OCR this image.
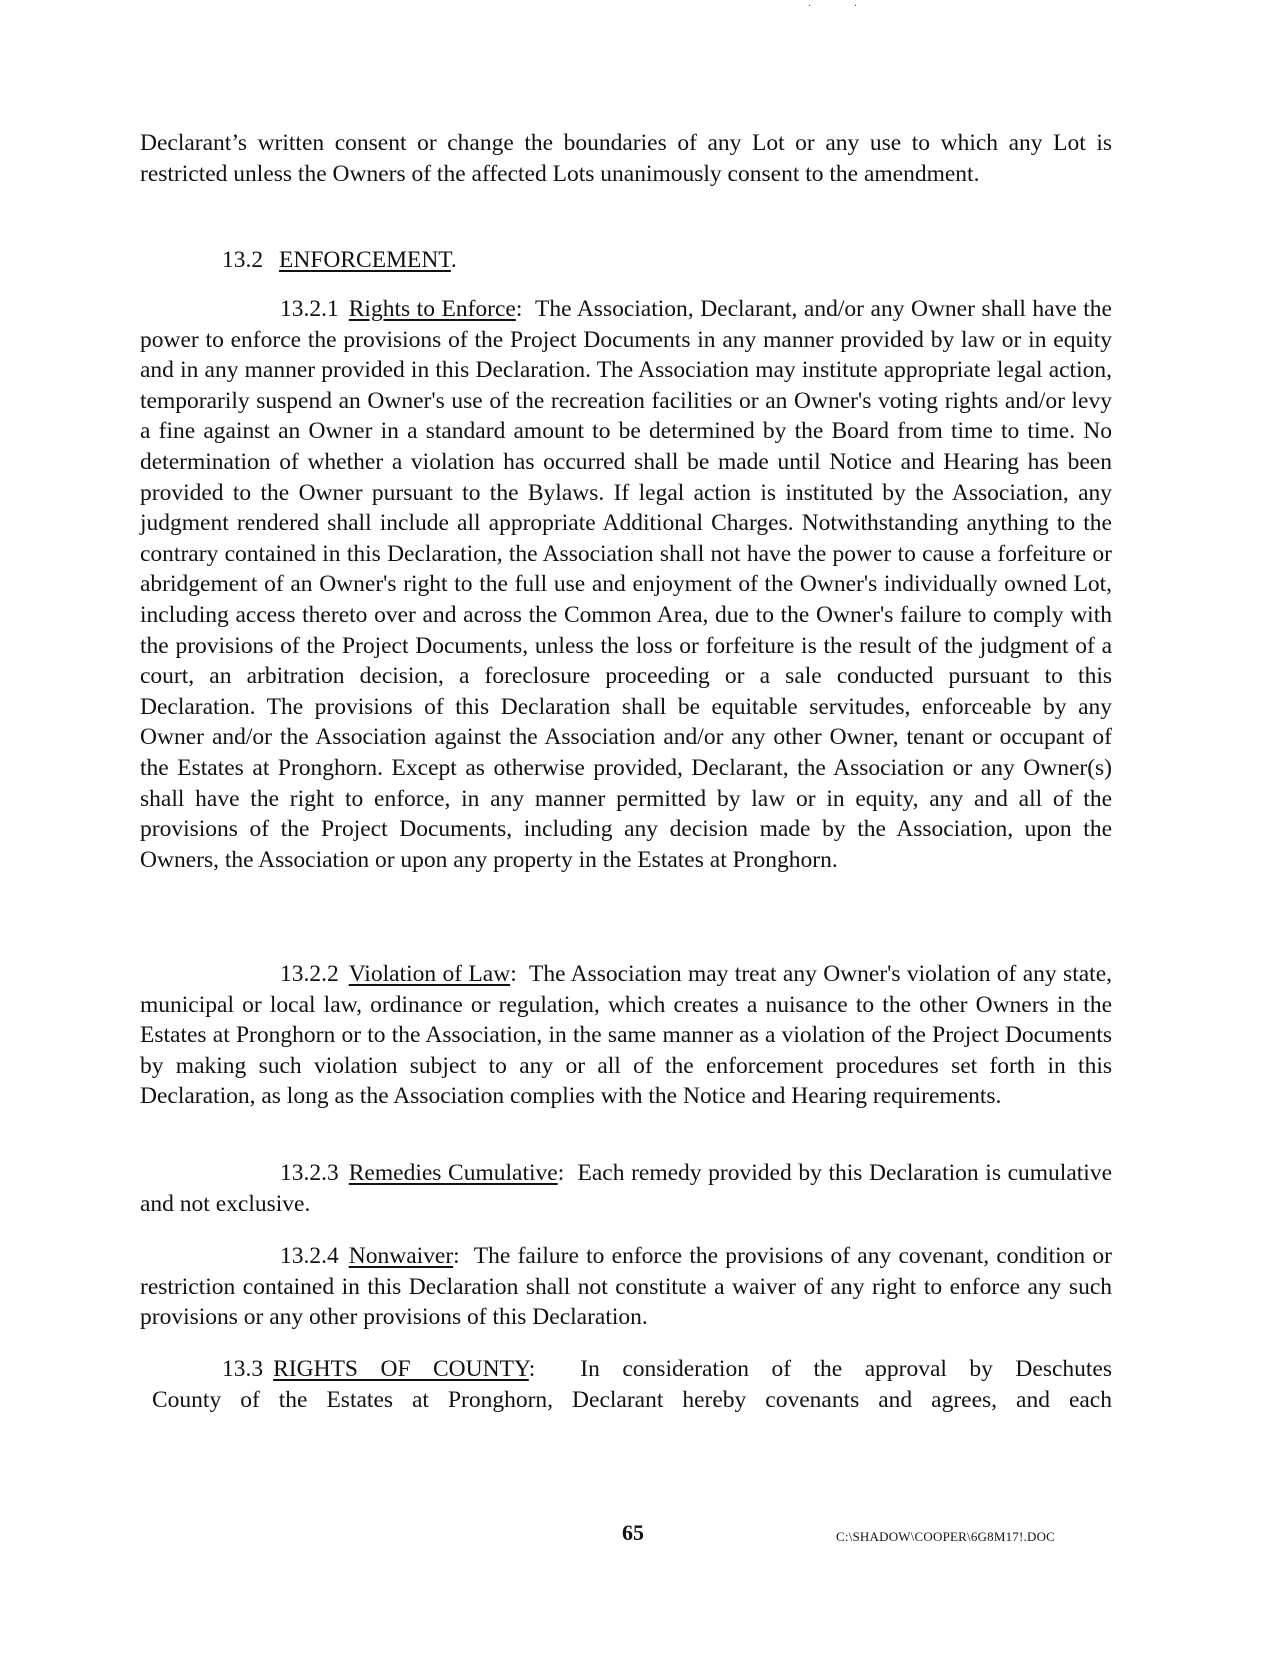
· ·

Declarant’s written consent or change the boundaries of any Lot or any use to which any Lot is restricted unless the Owners of the affected Lots unanimously consent to the amendment.

13.2 ENFORCEMENT.

13.2.1 Rights to Enforce: The Association, Declarant, and/or any Owner shall have the power to enforce the provisions of the Project Documents in any manner provided by law or in equity and in any manner provided in this Declaration. The Association may institute appropriate legal action, temporarily suspend an Owner's use of the recreation facilities or an Owner's voting rights and/or levy a fine against an Owner in a standard amount to be determined by the Board from time to time. No determination of whether a violation has occurred shall be made until Notice and Hearing has been provided to the Owner pursuant to the Bylaws. If legal action is instituted by the Association, any judgment rendered shall include all appropriate Additional Charges. Notwithstanding anything to the contrary contained in this Declaration, the Association shall not have the power to cause a forfeiture or abridgement of an Owner's right to the full use and enjoyment of the Owner's individually owned Lot, including access thereto over and across the Common Area, due to the Owner's failure to comply with the provisions of the Project Documents, unless the loss or forfeiture is the result of the judgment of a court, an arbitration decision, a foreclosure proceeding or a sale conducted pursuant to this Declaration. The provisions of this Declaration shall be equitable servitudes, enforceable by any Owner and/or the Association against the Association and/or any other Owner, tenant or occupant of the Estates at Pronghorn. Except as otherwise provided, Declarant, the Association or any Owner(s) shall have the right to enforce, in any manner permitted by law or in equity, any and all of the provisions of the Project Documents, including any decision made by the Association, upon the Owners, the Association or upon any property in the Estates at Pronghorn.

13.2.2 Violation of Law: The Association may treat any Owner's violation of any state, municipal or local law, ordinance or regulation, which creates a nuisance to the other Owners in the Estates at Pronghorn or to the Association, in the same manner as a violation of the Project Documents by making such violation subject to any or all of the enforcement procedures set forth in this Declaration, as long as the Association complies with the Notice and Hearing requirements.

13.2.3 Remedies Cumulative: Each remedy provided by this Declaration is cumulative and not exclusive.

13.2.4 Nonwaiver: The failure to enforce the provisions of any covenant, condition or restriction contained in this Declaration shall not constitute a waiver of any right to enforce any such provisions or any other provisions of this Declaration.

13.3 RIGHTS OF COUNTY: In consideration of the approval by Deschutes
County of the Estates at Pronghorn, Declarant hereby covenants and agrees, and each

65	C:\SHADOW\COOPER\6G8M17!.DOC
